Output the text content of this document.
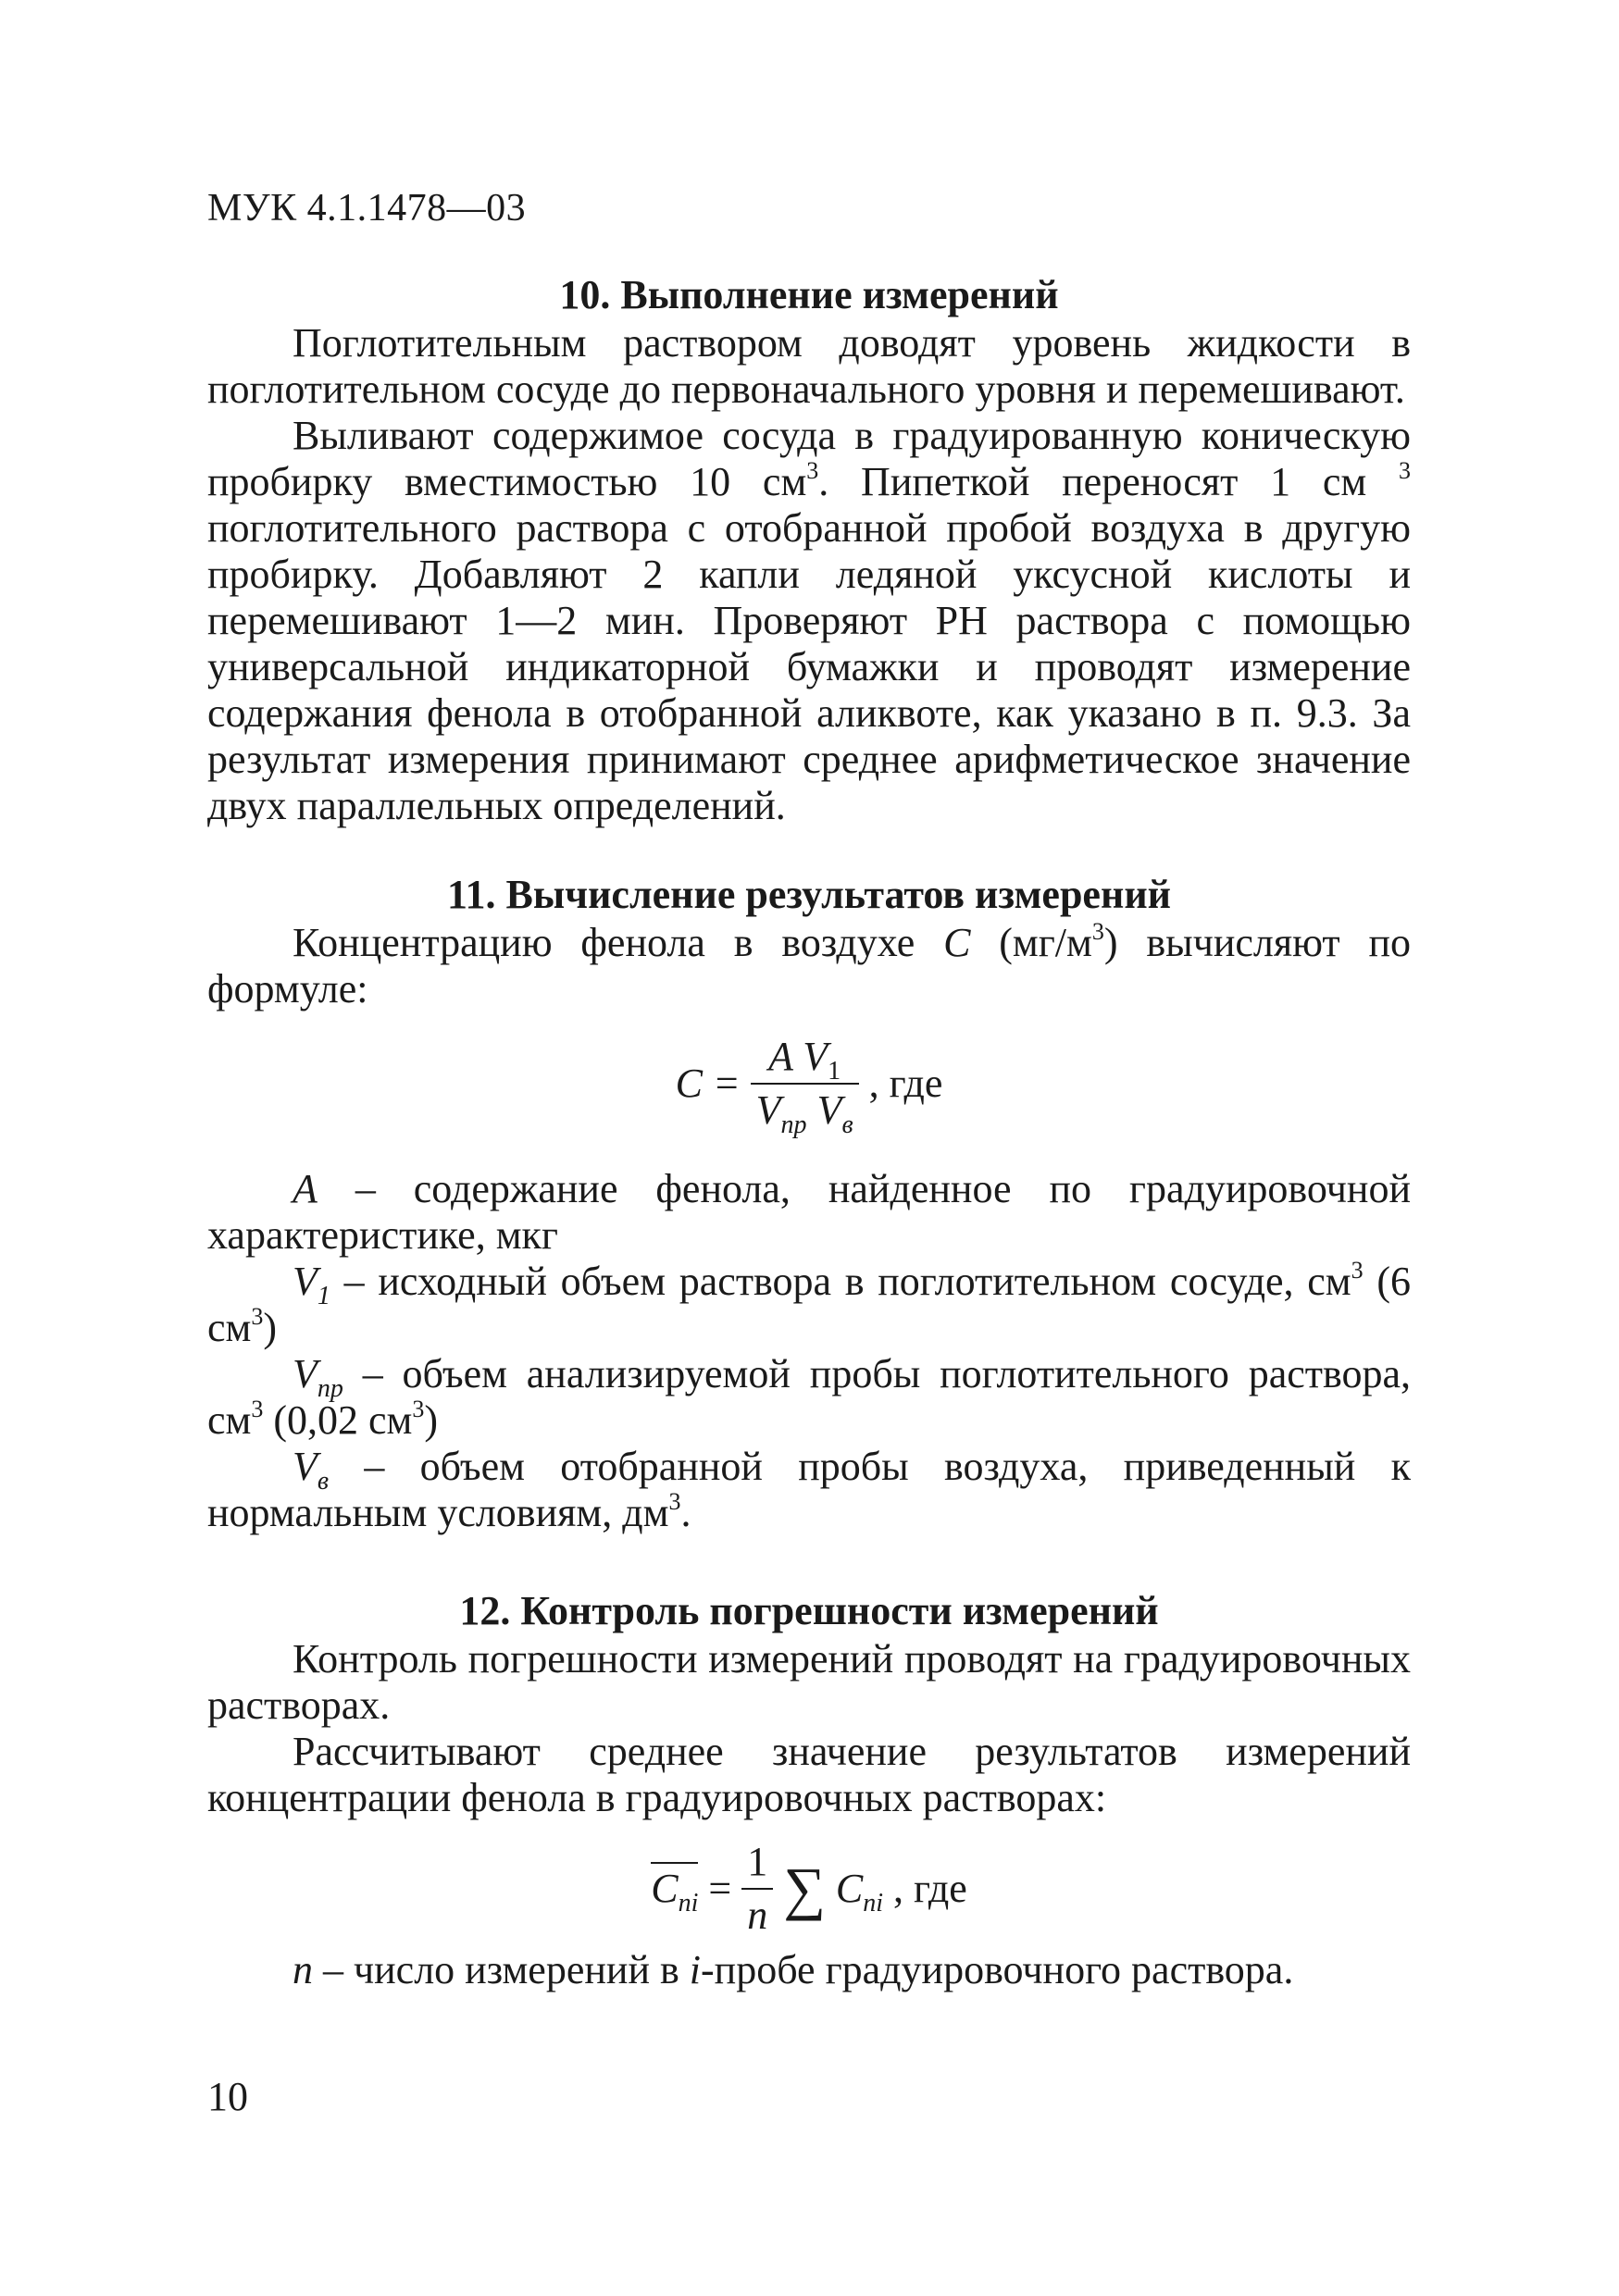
МУК 4.1.1478—03
10. Выполнение измерений

Поглотительным раствором доводят уровень жидкости в поглотительном сосуде до первоначального уровня и перемешивают.

Выливают содержимое сосуда в градуированную коническую пробирку вместимостью 10 $см^3$. Пипеткой переносят 1 см $^3$ поглотительного раствора с отобранной пробой воздуха в другую пробирку. Добавляют 2 капли ледяной уксусной кислоты и перемешивают 1—2 мин. Проверяют PH раствора с помощью универсальной индикаторной бумажки и проводят измерение содержания фенола в отобранной аликвоте, как указано в п. 9.3. За результат измерения принимают среднее арифметическое значение двух параллельных определений.

11. Вычисление результатов измерений

Концентрацию фенола в воздухе C $(мг/м^3)$ вычисляют по формуле:

$C = \frac{A V_1}{V_{пр} V_в}$ , где

A – содержание фенола, найденное по градуировочной характеристике, мкг

$V_1$ – исходный объем раствора в поглотительном сосуде, $см^3$ (6 $см^3$)

$V_{пр}$ – объем анализируемой пробы поглотительного раствора, $см^3$ (0,02 $см^3$)

$V_в$ – объем отобранной пробы воздуха, приведенный к нормальным условиям, $дм^3$.

12. Контроль погрешности измерений

Контроль погрешности измерений проводят на градуировочных растворах.

Рассчитывают среднее значение результатов измерений концентрации фенола в градуировочных растворах:

$C_{ni} = \frac{1}{n}$ ∑ $C_{ni}$ , где

n – число измерений в i-пробе градуировочного раствора.

10
